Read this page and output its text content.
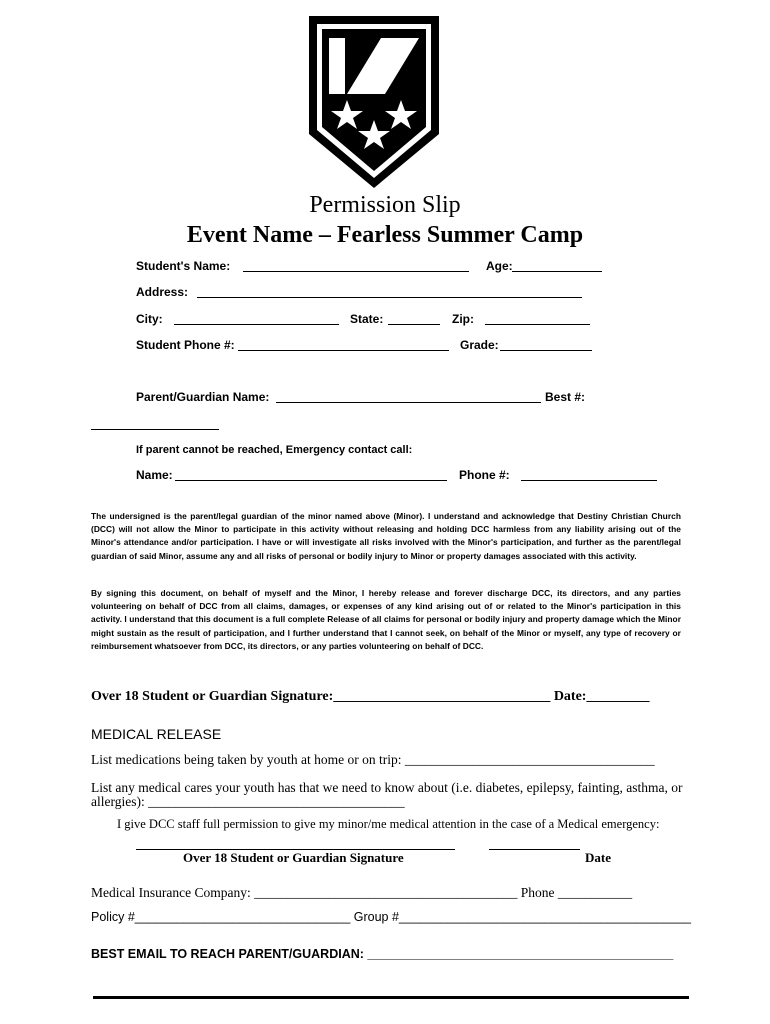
Permission Slip
Event Name – Fearless Summer Camp
Student's Name:	Age:
Address:
City:	State:	Zip:
Student Phone #:	Grade:
Parent/Guardian Name:	Best #:
If parent cannot be reached, Emergency contact call:
Name:	Phone #:
The undersigned is the parent/legal guardian of the minor named above (Minor). I understand and acknowledge that Destiny Christian Church (DCC) will not allow the Minor to participate in this activity without releasing and holding DCC harmless from any liability arising out of the Minor's attendance and/or participation. I have or will investigate all risks involved with the Minor's participation, and further as the parent/legal guardian of said Minor, assume any and all risks of personal or bodily injury to Minor or property damages associated with this activity.
By signing this document, on behalf of myself and the Minor, I hereby release and forever discharge DCC, its directors, and any parties volunteering on behalf of DCC from all claims, damages, or expenses of any kind arising out of or related to the Minor's participation in this activity. I understand that this document is a full complete Release of all claims for personal or bodily injury and property damage which the Minor might sustain as the result of participation, and I further understand that I cannot seek, on behalf of the Minor or myself, any type of recovery or reimbursement whatsoever from DCC, its directors, or any parties volunteering on behalf of DCC.
Over 18 Student or Guardian Signature:_______________________________ Date:_________
MEDICAL RELEASE
List medications being taken by youth at home or on trip: _____________________________________
List any medical cares your youth has that we need to know about (i.e. diabetes, epilepsy, fainting, asthma, or allergies): ______________________________________
I give DCC staff full permission to give my minor/me medical attention in the case of a Medical emergency:
Over 18 Student or Guardian Signature	Date
Medical Insurance Company: _______________________________________ Phone ___________
Policy #_______________________________ Group #__________________________________________
BEST EMAIL TO REACH PARENT/GUARDIAN: ____________________________________________
